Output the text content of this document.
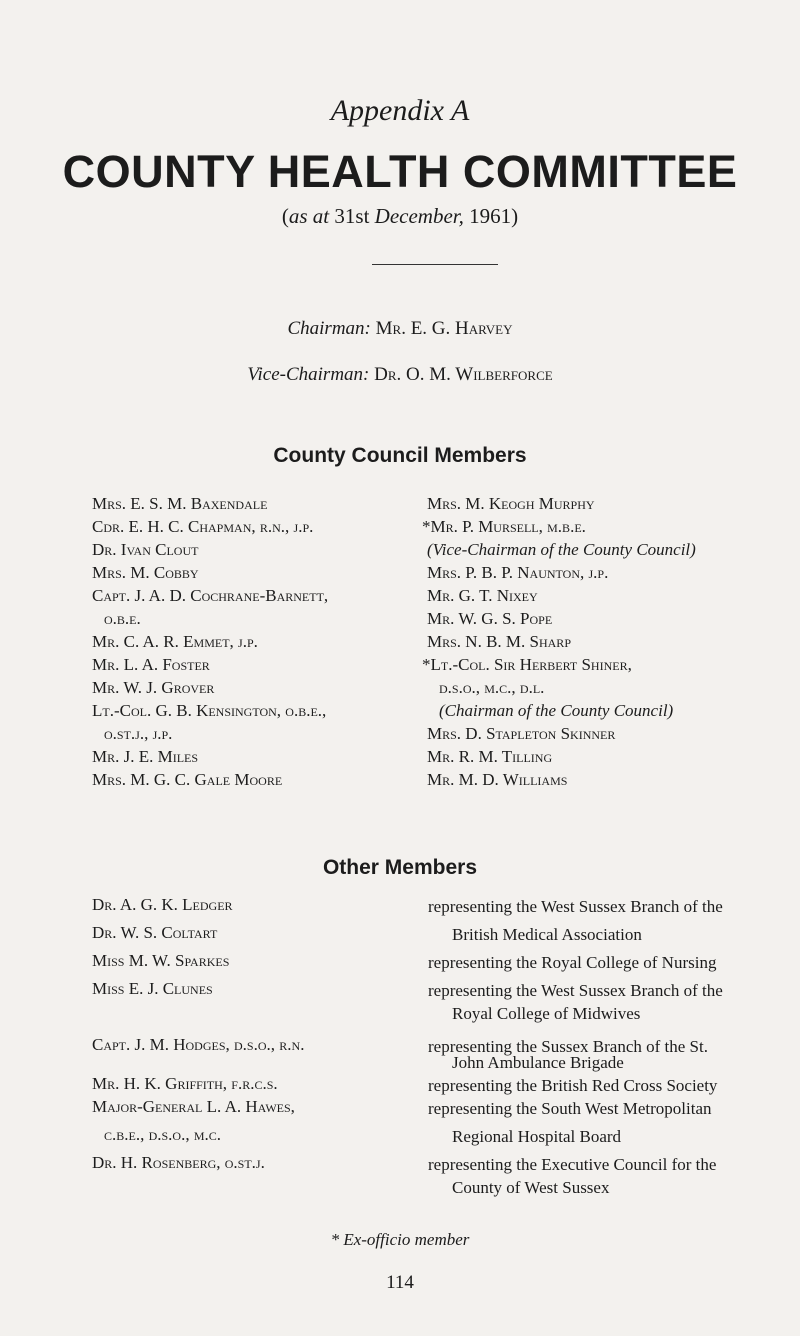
Appendix A
COUNTY HEALTH COMMITTEE
(as at 31st December, 1961)
Chairman: Mr. E. G. Harvey
Vice-Chairman: Dr. O. M. Wilberforce
County Council Members
Mrs. E. S. M. Baxendale
Cdr. E. H. C. Chapman, r.n., j.p.
Dr. Ivan Clout
Mrs. M. Cobby
Capt. J. A. D. Cochrane-Barnett,
o.b.e.
Mr. C. A. R. Emmet, j.p.
Mr. L. A. Foster
Mr. W. J. Grover
Lt.-Col. G. B. Kensington, o.b.e.,
o.st.j., j.p.
Mr. J. E. Miles
Mrs. M. G. C. Gale Moore
Mrs. M. Keogh Murphy
*Mr. P. Mursell, m.b.e.
(Vice-Chairman of the County Council)
Mrs. P. B. P. Naunton, j.p.
Mr. G. T. Nixey
Mr. W. G. S. Pope
Mrs. N. B. M. Sharp
*Lt.-Col. Sir Herbert Shiner,
d.s.o., m.c., d.l.
(Chairman of the County Council)
Mrs. D. Stapleton Skinner
Mr. R. M. Tilling
Mr. M. D. Williams
Other Members
Dr. A. G. K. Ledger
Dr. W. S. Coltart
Miss M. W. Sparkes
Miss E. J. Clunes
Capt. J. M. Hodges, d.s.o., r.n.
Mr. H. K. Griffith, f.r.c.s.
Major-General L. A. Hawes,
c.b.e., d.s.o., m.c.
Dr. H. Rosenberg, o.st.j.
representing the West Sussex Branch of the
British Medical Association
representing the Royal College of Nursing
representing the West Sussex Branch of the
Royal College of Midwives
representing the Sussex Branch of the St.
John Ambulance Brigade
representing the British Red Cross Society
representing the South West Metropolitan
Regional Hospital Board
representing the Executive Council for the
County of West Sussex
* Ex-officio member
114
